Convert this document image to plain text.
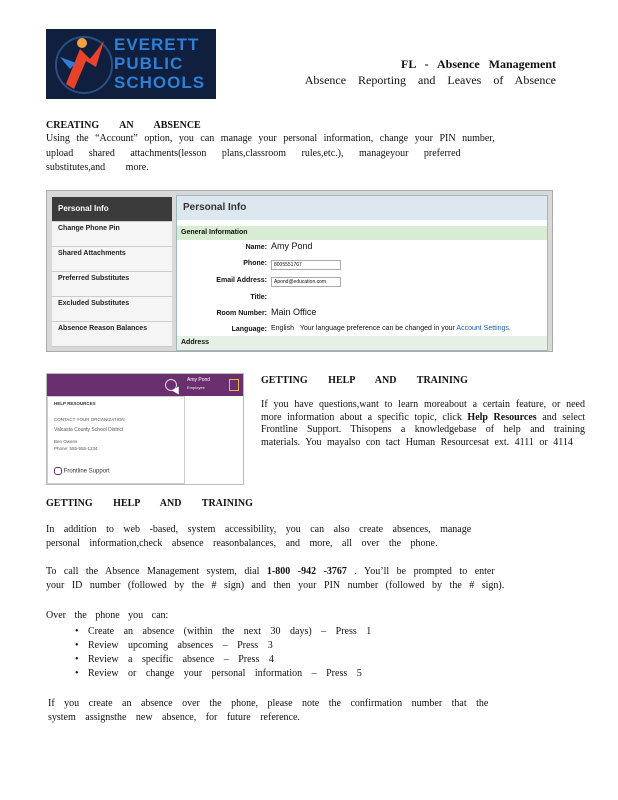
EVERETT
PUBLIC
SCHOOLS
FL - Absence Management
Absence Reporting and Leaves of Absence
CREATING AN ABSENCE
Using the “Account” option, you can manage your personal information, change your PIN number,
upload shared attachments(lesson plans,classroom rules,etc.), manageyour preferred
substitutes,and more.
Personal Info
Change Phone Pin
Shared Attachments
Preferred Substitutes
Excluded Substitutes
Absence Reason Balances
Personal Info
General Information
Name: Amy Pond
Phone:	8005551767
Email Address:	Apond@education.com
Title:
Room Number: Main Office
Language: English Your language preference can be changed in your Account Settings.
Address
Amy Pond
Employee
HELP RESOURCES
CONTACT YOUR ORGANIZATION
Valcasta County School District
Ben Owens
Phone: 555-555-1234
Frontline Support
GETTING HELP AND TRAINING
If you have questions,want to learn moreabout a certain feature, or need more information about a specific topic, click Help Resources and select Frontline Support. Thisopens a knowledgebase of help and training materials. You mayalso con tact Human Resourcesat ext. 4111 or 4114
GETTING HELP AND TRAINING
In addition to web -based, system accessibility, you can also create absences, manage
personal information,check absence reasonbalances, and more, all over the phone.
To call the Absence Management system, dial 1-800 -942 -3767 . You’ll be prompted to enter
your ID number (followed by the # sign) and then your PIN number (followed by the # sign).
Over the phone you can:
• Create an absence (within the next 30 days) – Press 1
• Review upcoming absences – Press 3
• Review a specific absence – Press 4
• Review or change your personal information – Press 5
If you create an absence over the phone, please note the confirmation number that the
system assignsthe new absence, for future reference.
